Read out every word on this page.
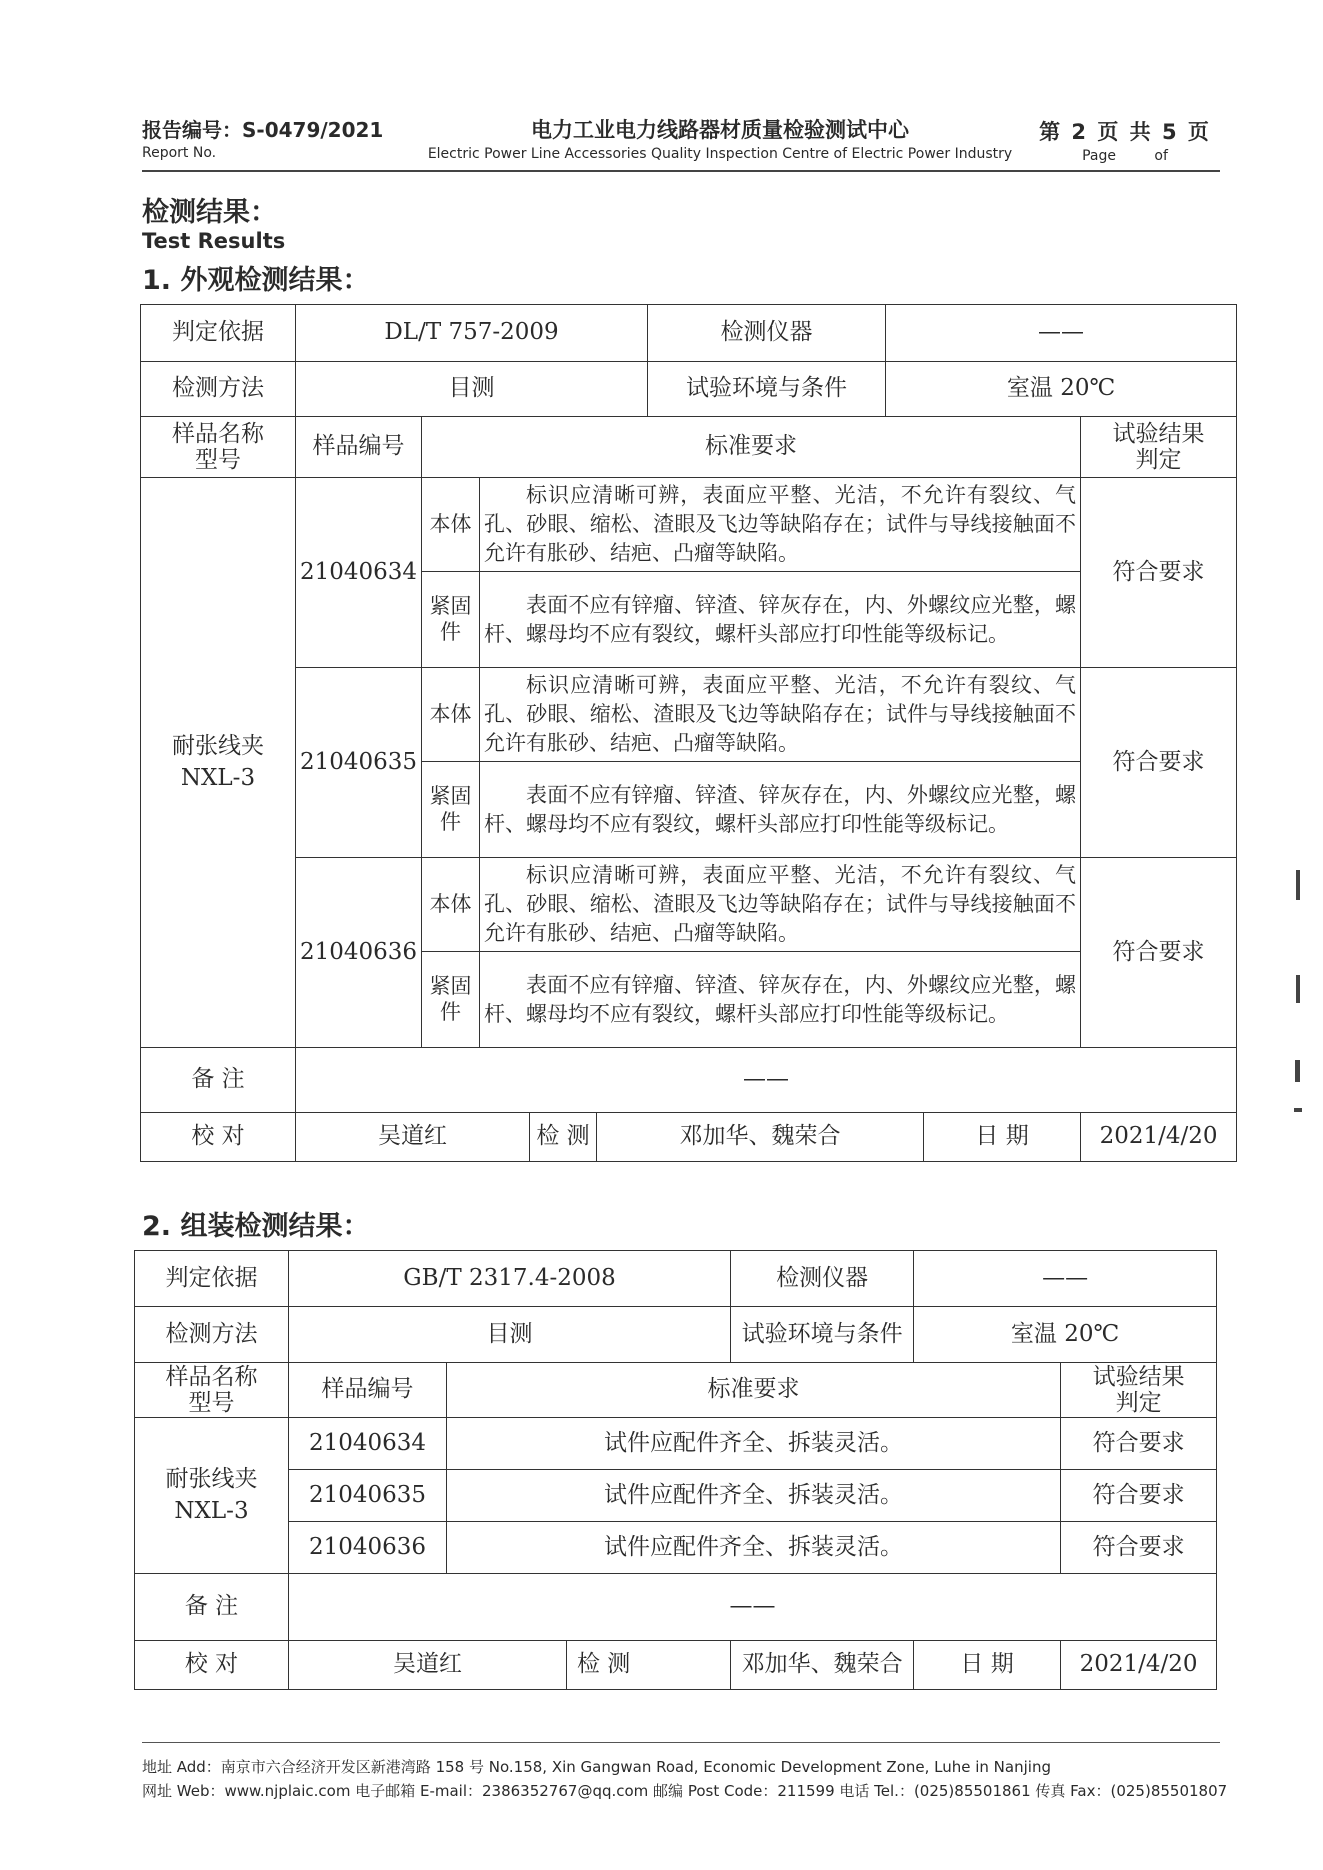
报告编号：S-0479/2021
Report No.
电力工业电力线路器材质量检验测试中心
Electric Power Line Accessories Quality Inspection Centre of Electric Power Industry
第 2 页 共 5 页
Page of
检测结果：
Test Results
1. 外观检测结果：
判定依据	DL/T 757-2009					检测仪器	——		
检测方法	目测					试验环境与条件	室温 20℃		
样品名称型号	样品编号	标准要求							试验结果判定

耐张线夹
NXL-3	21040634	本体	标识应清晰可辨，表面应平整、光洁，不允许有裂纹、气孔、砂眼、缩松、渣眼及飞边等缺陷存在；试件与导线接触面不允许有胀砂、结疤、凸瘤等缺陷。						符合要求
		紧固件	表面不应有锌瘤、锌渣、锌灰存在，内、外螺纹应光整，螺杆、螺母均不应有裂纹，螺杆头部应打印性能等级标记。						

	21040635	本体	标识应清晰可辨，表面应平整、光洁，不允许有裂纹、气孔、砂眼、缩松、渣眼及飞边等缺陷存在；试件与导线接触面不允许有胀砂、结疤、凸瘤等缺陷。						符合要求
		紧固件	表面不应有锌瘤、锌渣、锌灰存在，内、外螺纹应光整，螺杆、螺母均不应有裂纹，螺杆头部应打印性能等级标记。						

	21040636	本体	标识应清晰可辨，表面应平整、光洁，不允许有裂纹、气孔、砂眼、缩松、渣眼及飞边等缺陷存在；试件与导线接触面不允许有胀砂、结疤、凸瘤等缺陷。						符合要求
		紧固件	表面不应有锌瘤、锌渣、锌灰存在，内、外螺纹应光整，螺杆、螺母均不应有裂纹，螺杆头部应打印性能等级标记。						

备 注	——								
校 对	吴道红			检 测	邓加华、魏荣合			日 期	2021/4/20
2. 组装检测结果：
判定依据	GB/T 2317.4-2008			检测仪器	——	
检测方法	目测			试验环境与条件	室温 20℃	
样品名称型号	样品编号	标准要求				试验结果判定

耐张线夹
NXL-3	21040634	试件应配件齐全、拆装灵活。				符合要求
	21040635	试件应配件齐全、拆装灵活。				符合要求
	21040636	试件应配件齐全、拆装灵活。				符合要求
备 注	——					
校 对	吴道红		检 测	邓加华、魏荣合	日 期	2021/4/20
地址 Add：南京市六合经济开发区新港湾路 158 号 No.158, Xin Gangwan Road, Economic Development Zone, Luhe in Nanjing
网址 Web：www.njplaic.com 电子邮箱 E-mail：2386352767@qq.com 邮编 Post Code：211599 电话 Tel.：(025)85501861 传真 Fax：(025)85501807
